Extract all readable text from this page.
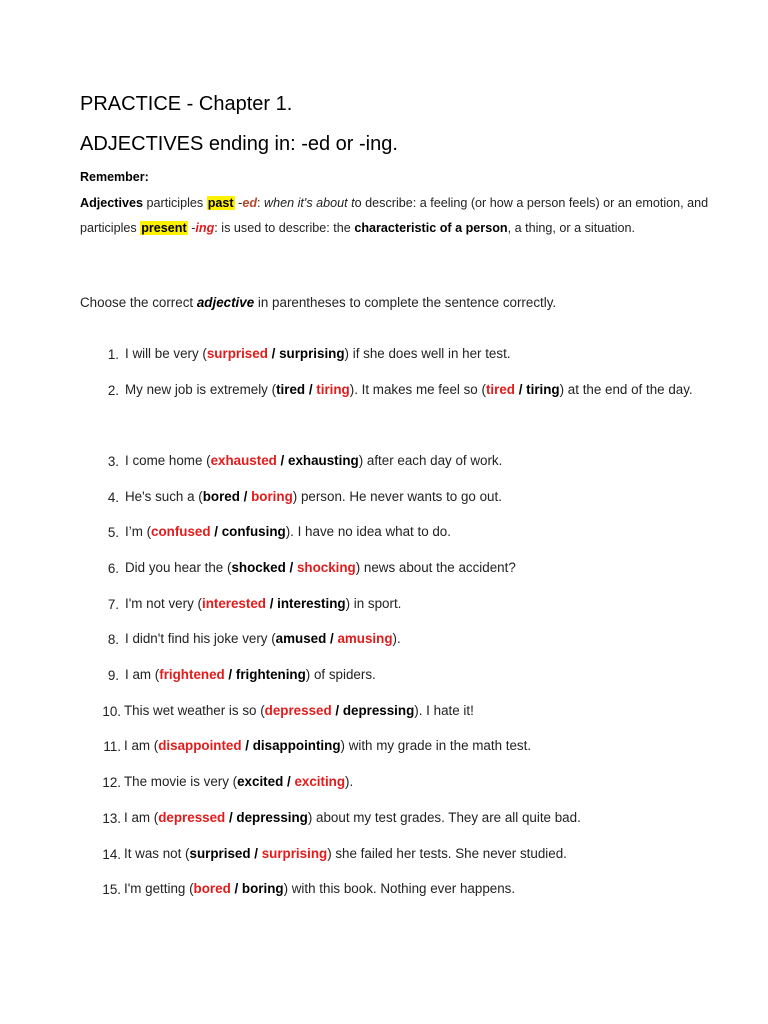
PRACTICE - Chapter 1.
ADJECTIVES ending in: -ed or -ing.
Remember:
Adjectives participles past -ed: when it's about to describe: a feeling (or how a person feels) or an emotion, and participles present -ing: is used to describe: the characteristic of a person, a thing, or a situation.
Choose the correct adjective in parentheses to complete the sentence correctly.
1. I will be very (surprised / surprising) if she does well in her test.
2. My new job is extremely (tired / tiring). It makes me feel so (tired / tiring) at the end of the day.
3. I come home (exhausted / exhausting) after each day of work.
4. He's such a (bored / boring) person. He never wants to go out.
5. I’m (confused / confusing). I have no idea what to do.
6. Did you hear the (shocked / shocking) news about the accident?
7. I'm not very (interested / interesting) in sport.
8. I didn't find his joke very (amused / amusing).
9. I am (frightened / frightening) of spiders.
10. This wet weather is so (depressed / depressing). I hate it!
11. I am (disappointed / disappointing) with my grade in the math test.
12. The movie is very (excited / exciting).
13. I am (depressed / depressing) about my test grades. They are all quite bad.
14. It was not (surprised / surprising) she failed her tests. She never studied.
15. I'm getting (bored / boring) with this book. Nothing ever happens.
